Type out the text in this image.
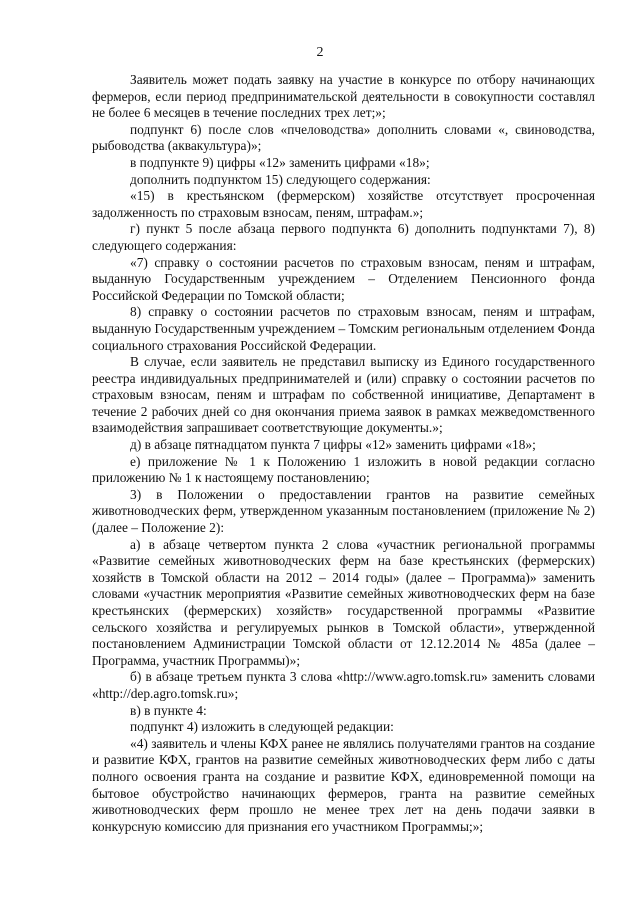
2

Заявитель может подать заявку на участие в конкурсе по отбору начинающих фермеров, если период предпринимательской деятельности в совокупности составлял не более 6 месяцев в течение последних трех лет;»;

подпункт 6) после слов «пчеловодства» дополнить словами «, свиноводства, рыбоводства (аквакультура)»;

в подпункте 9) цифры «12» заменить цифрами «18»;

дополнить подпунктом 15) следующего содержания:

«15) в крестьянском (фермерском) хозяйстве отсутствует просроченная задолженность по страховым взносам, пеням, штрафам.»;

г) пункт 5 после абзаца первого подпункта 6) дополнить подпунктами 7), 8) следующего содержания:

«7) справку о состоянии расчетов по страховым взносам, пеням и штрафам, выданную Государственным учреждением – Отделением Пенсионного фонда Российской Федерации по Томской области;

8) справку о состоянии расчетов по страховым взносам, пеням и штрафам, выданную Государственным учреждением – Томским региональным отделением Фонда социального страхования Российской Федерации.

В случае, если заявитель не представил выписку из Единого государственного реестра индивидуальных предпринимателей и (или) справку о состоянии расчетов по страховым взносам, пеням и штрафам по собственной инициативе, Департамент в течение 2 рабочих дней со дня окончания приема заявок в рамках межведомственного взаимодействия запрашивает соответствующие документы.»;

д) в абзаце пятнадцатом пункта 7 цифры «12» заменить цифрами «18»;

е) приложение № 1 к Положению 1 изложить в новой редакции согласно приложению № 1 к настоящему постановлению;

3) в Положении о предоставлении грантов на развитие семейных животноводческих ферм, утвержденном указанным постановлением (приложение № 2) (далее – Положение 2):

а) в абзаце четвертом пункта 2 слова «участник региональной программы «Развитие семейных животноводческих ферм на базе крестьянских (фермерских) хозяйств в Томской области на 2012 – 2014 годы» (далее – Программа)» заменить словами «участник мероприятия «Развитие семейных животноводческих ферм на базе крестьянских (фермерских) хозяйств» государственной программы «Развитие сельского хозяйства и регулируемых рынков в Томской области», утвержденной постановлением Администрации Томской области от 12.12.2014 № 485а (далее – Программа, участник Программы)»;

б) в абзаце третьем пункта 3 слова «http://www.agro.tomsk.ru» заменить словами «http://dep.agro.tomsk.ru»;

в) в пункте 4:

подпункт 4) изложить в следующей редакции:

«4) заявитель и члены КФХ ранее не являлись получателями грантов на создание и развитие КФХ, грантов на развитие семейных животноводческих ферм либо с даты полного освоения гранта на создание и развитие КФХ, единовременной помощи на бытовое обустройство начинающих фермеров, гранта на развитие семейных животноводческих ферм прошло не менее трех лет на день подачи заявки в конкурсную комиссию для признания его участником Программы;»;
